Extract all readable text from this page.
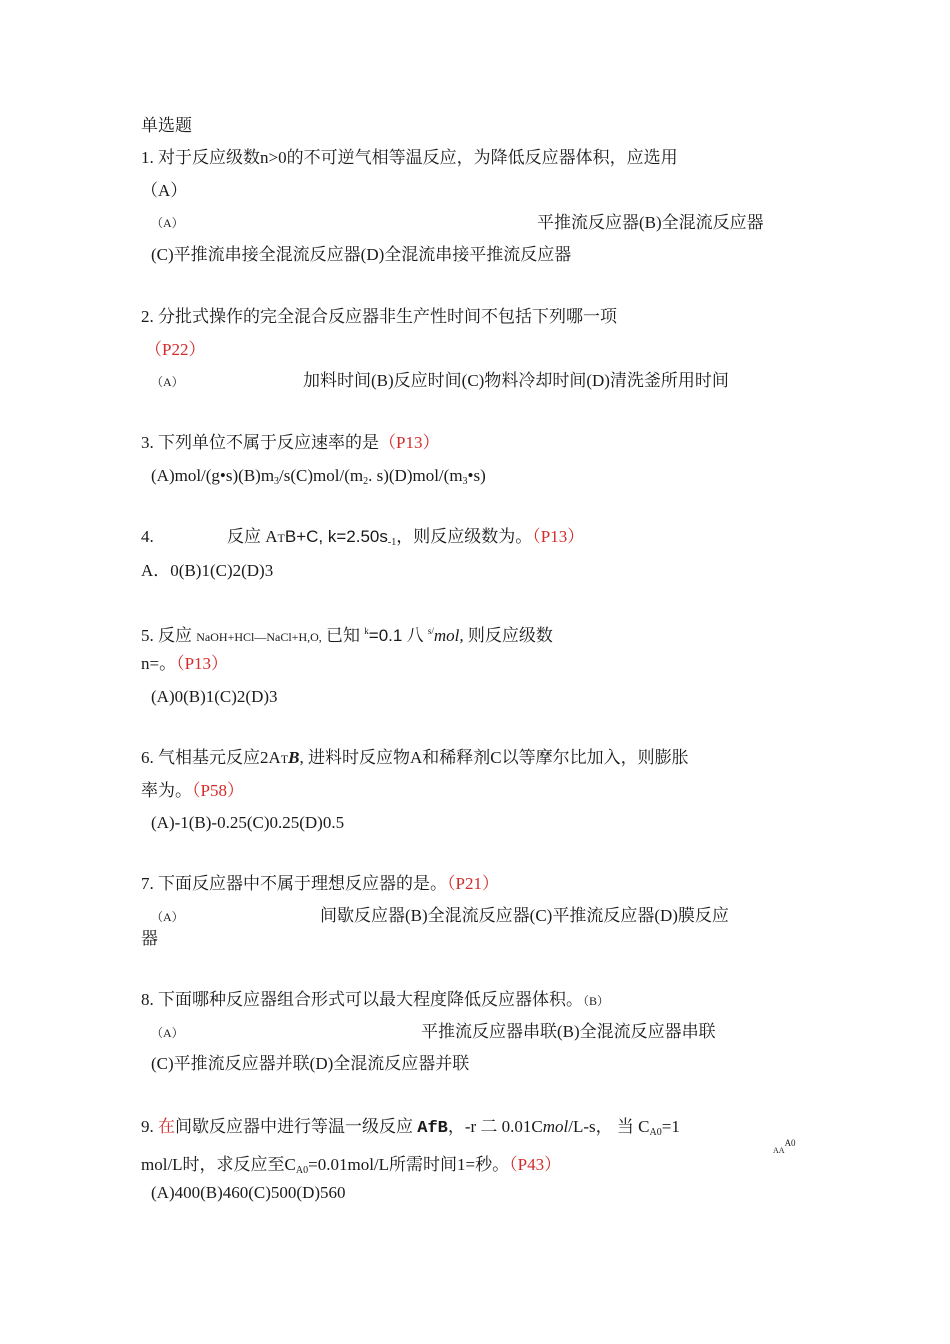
单选题
1. 对于反应级数n>0的不可逆气相等温反应，为降低反应器体积，应选用
（A）
（A）	平推流反应器(B)全混流反应器
(C)平推流串接全混流反应器(D)全混流串接平推流反应器
2. 分批式操作的完全混合反应器非生产性时间不包括下列哪一项
（P22）
（A）	加料时间(B)反应时间(C)物料冷却时间(D)清洗釜所用时间
3. 下列单位不属于反应速率的是（P13）
$(A)mol/(g•s)(B)m_3/s(C)mol/(m_2$. $s)(D)mol/(m_3•s)$
4.	反应 ATB+C, $k=2.50s_{-1}$，则反应级数为。（P13）
A．0(B)1(C)2(D)3
5. 反应 NaOH+HCl—NaCl+H,O, 已知 $^k$=0.1 八 $^{s/}$mol, 则反应级数
n=。（P13）
(A)0(B)1(C)2(D)3
6. 气相基元反应2ATB, 进料时反应物A和稀释剂C以等摩尔比加入，则膨胀
率为。（P58）
(A)-1(B)-0.25(C)0.25(D)0.5
7. 下面反应器中不属于理想反应器的是。（P21）
（A）	间歇反应器(B)全混流反应器(C)平推流反应器(D)膜反应
器
8. 下面哪种反应器组合形式可以最大程度降低反应器体积。（B）
（A）	平推流反应器串联(B)全混流反应器串联
(C)平推流反应器并联(D)全混流反应器并联
9. 在间歇反应器中进行等温一级反应 AfB，-r 二 0.01Cmol/L-s， 当 $C_{A0}=1$
AAA0
mol/L时，求反应至$C_{A0}=0.01mol/L$所需时间1=秒。（P43）
(A)400(B)460(C)500(D)560
